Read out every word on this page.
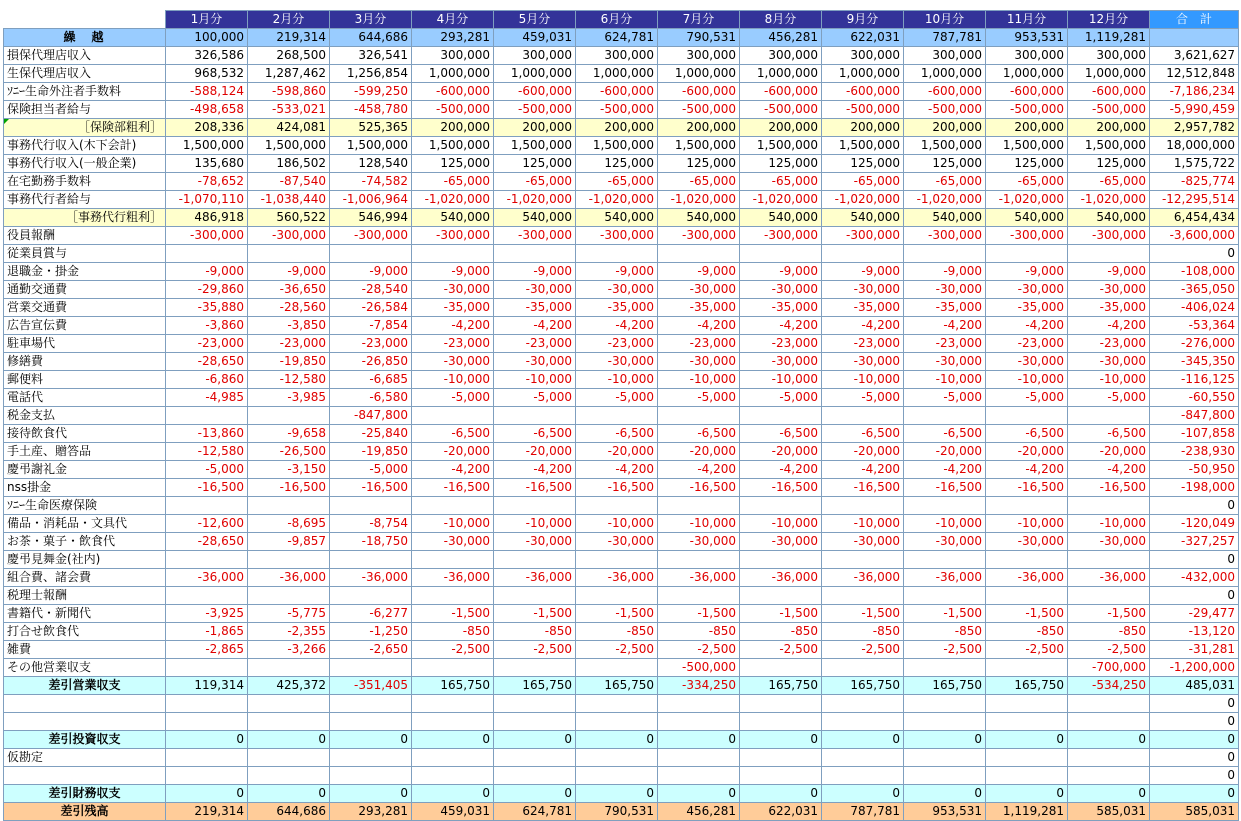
	1月分	2月分	3月分	4月分	5月分	6月分	7月分	8月分	9月分	10月分	11月分	12月分	合　計
繰　越	100,000	219,314	644,686	293,281	459,031	624,781	790,531	456,281	622,031	787,781	953,531	1,119,281	
損保代理店収入	326,586	268,500	326,541	300,000	300,000	300,000	300,000	300,000	300,000	300,000	300,000	300,000	3,621,627
生保代理店収入	968,532	1,287,462	1,256,854	1,000,000	1,000,000	1,000,000	1,000,000	1,000,000	1,000,000	1,000,000	1,000,000	1,000,000	12,512,848
ｿﾆｰ生命外注者手数料	-588,124	-598,860	-599,250	-600,000	-600,000	-600,000	-600,000	-600,000	-600,000	-600,000	-600,000	-600,000	-7,186,234
保険担当者給与	-498,658	-533,021	-458,780	-500,000	-500,000	-500,000	-500,000	-500,000	-500,000	-500,000	-500,000	-500,000	-5,990,459
［保険部粗利］	208,336	424,081	525,365	200,000	200,000	200,000	200,000	200,000	200,000	200,000	200,000	200,000	2,957,782
事務代行収入(木下会計)	1,500,000	1,500,000	1,500,000	1,500,000	1,500,000	1,500,000	1,500,000	1,500,000	1,500,000	1,500,000	1,500,000	1,500,000	18,000,000
事務代行収入(一般企業)	135,680	186,502	128,540	125,000	125,000	125,000	125,000	125,000	125,000	125,000	125,000	125,000	1,575,722
在宅勤務手数料	-78,652	-87,540	-74,582	-65,000	-65,000	-65,000	-65,000	-65,000	-65,000	-65,000	-65,000	-65,000	-825,774
事務代行者給与	-1,070,110	-1,038,440	-1,006,964	-1,020,000	-1,020,000	-1,020,000	-1,020,000	-1,020,000	-1,020,000	-1,020,000	-1,020,000	-1,020,000	-12,295,514
［事務代行粗利］	486,918	560,522	546,994	540,000	540,000	540,000	540,000	540,000	540,000	540,000	540,000	540,000	6,454,434
役員報酬	-300,000	-300,000	-300,000	-300,000	-300,000	-300,000	-300,000	-300,000	-300,000	-300,000	-300,000	-300,000	-3,600,000
従業員賞与													0
退職金・掛金	-9,000	-9,000	-9,000	-9,000	-9,000	-9,000	-9,000	-9,000	-9,000	-9,000	-9,000	-9,000	-108,000
通勤交通費	-29,860	-36,650	-28,540	-30,000	-30,000	-30,000	-30,000	-30,000	-30,000	-30,000	-30,000	-30,000	-365,050
営業交通費	-35,880	-28,560	-26,584	-35,000	-35,000	-35,000	-35,000	-35,000	-35,000	-35,000	-35,000	-35,000	-406,024
広告宣伝費	-3,860	-3,850	-7,854	-4,200	-4,200	-4,200	-4,200	-4,200	-4,200	-4,200	-4,200	-4,200	-53,364
駐車場代	-23,000	-23,000	-23,000	-23,000	-23,000	-23,000	-23,000	-23,000	-23,000	-23,000	-23,000	-23,000	-276,000
修繕費	-28,650	-19,850	-26,850	-30,000	-30,000	-30,000	-30,000	-30,000	-30,000	-30,000	-30,000	-30,000	-345,350
郵便料	-6,860	-12,580	-6,685	-10,000	-10,000	-10,000	-10,000	-10,000	-10,000	-10,000	-10,000	-10,000	-116,125
電話代	-4,985	-3,985	-6,580	-5,000	-5,000	-5,000	-5,000	-5,000	-5,000	-5,000	-5,000	-5,000	-60,550
税金支払			-847,800										-847,800
接待飲食代	-13,860	-9,658	-25,840	-6,500	-6,500	-6,500	-6,500	-6,500	-6,500	-6,500	-6,500	-6,500	-107,858
手土産、贈答品	-12,580	-26,500	-19,850	-20,000	-20,000	-20,000	-20,000	-20,000	-20,000	-20,000	-20,000	-20,000	-238,930
慶弔謝礼金	-5,000	-3,150	-5,000	-4,200	-4,200	-4,200	-4,200	-4,200	-4,200	-4,200	-4,200	-4,200	-50,950
nss掛金	-16,500	-16,500	-16,500	-16,500	-16,500	-16,500	-16,500	-16,500	-16,500	-16,500	-16,500	-16,500	-198,000
ｿﾆｰ生命医療保険													0
備品・消耗品・文具代	-12,600	-8,695	-8,754	-10,000	-10,000	-10,000	-10,000	-10,000	-10,000	-10,000	-10,000	-10,000	-120,049
お茶・菓子・飲食代	-28,650	-9,857	-18,750	-30,000	-30,000	-30,000	-30,000	-30,000	-30,000	-30,000	-30,000	-30,000	-327,257
慶弔見舞金(社内)													0
組合費、諸会費	-36,000	-36,000	-36,000	-36,000	-36,000	-36,000	-36,000	-36,000	-36,000	-36,000	-36,000	-36,000	-432,000
税理士報酬													0
書籍代・新聞代	-3,925	-5,775	-6,277	-1,500	-1,500	-1,500	-1,500	-1,500	-1,500	-1,500	-1,500	-1,500	-29,477
打合せ飲食代	-1,865	-2,355	-1,250	-850	-850	-850	-850	-850	-850	-850	-850	-850	-13,120
雑費	-2,865	-3,266	-2,650	-2,500	-2,500	-2,500	-2,500	-2,500	-2,500	-2,500	-2,500	-2,500	-31,281
その他営業収支							-500,000					-700,000	-1,200,000
差引営業収支	119,314	425,372	-351,405	165,750	165,750	165,750	-334,250	165,750	165,750	165,750	165,750	-534,250	485,031
													0
													0
差引投資収支	0	0	0	0	0	0	0	0	0	0	0	0	0
仮勘定													0
													0
差引財務収支	0	0	0	0	0	0	0	0	0	0	0	0	0
差引残高	219,314	644,686	293,281	459,031	624,781	790,531	456,281	622,031	787,781	953,531	1,119,281	585,031	585,031
